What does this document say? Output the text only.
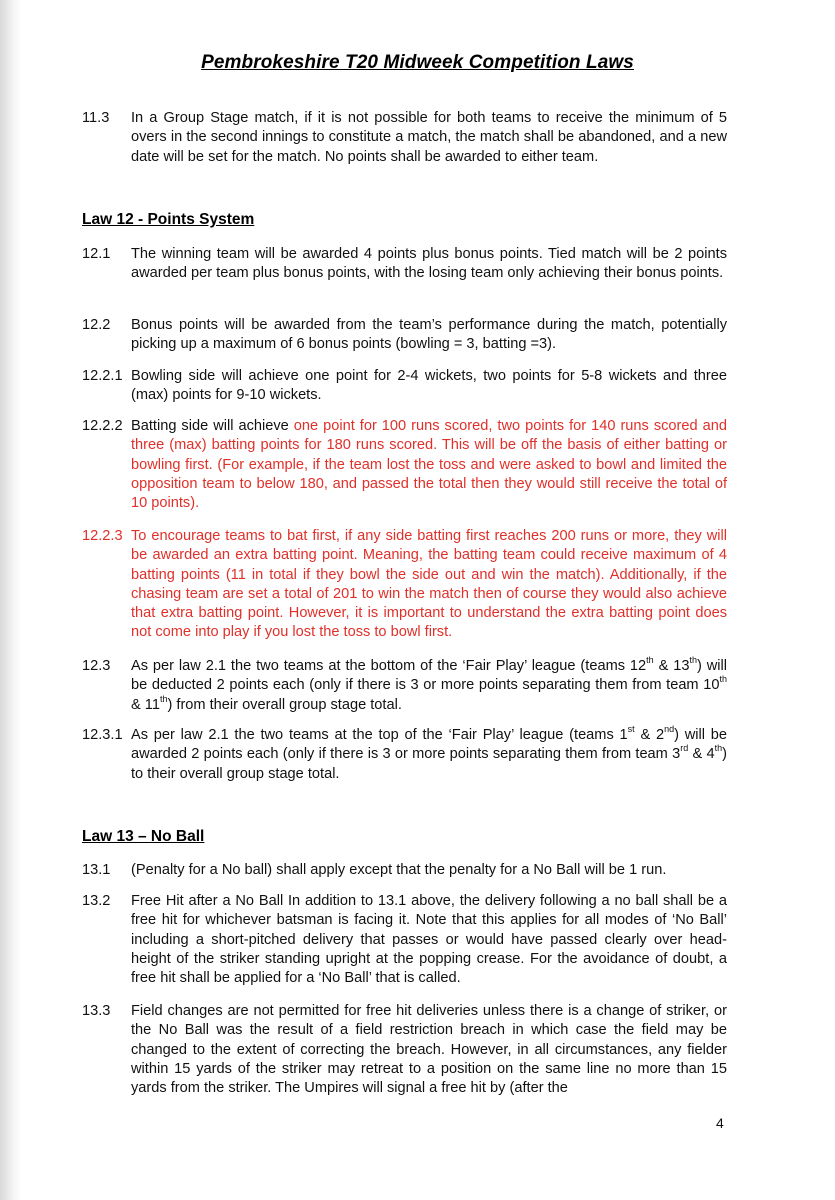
Pembrokeshire T20 Midweek Competition Laws
11.3 In a Group Stage match, if it is not possible for both teams to receive the minimum of 5 overs in the second innings to constitute a match, the match shall be abandoned, and a new date will be set for the match. No points shall be awarded to either team.
Law 12 - Points System
12.1 The winning team will be awarded 4 points plus bonus points. Tied match will be 2 points awarded per team plus bonus points, with the losing team only achieving their bonus points.
12.2 Bonus points will be awarded from the team’s performance during the match, potentially picking up a maximum of 6 bonus points (bowling = 3, batting =3).
12.2.1 Bowling side will achieve one point for 2-4 wickets, two points for 5-8 wickets and three (max) points for 9-10 wickets.
12.2.2 Batting side will achieve one point for 100 runs scored, two points for 140 runs scored and three (max) batting points for 180 runs scored. This will be off the basis of either batting or bowling first. (For example, if the team lost the toss and were asked to bowl and limited the opposition team to below 180, and passed the total then they would still receive the total of 10 points).
12.2.3 To encourage teams to bat first, if any side batting first reaches 200 runs or more, they will be awarded an extra batting point. Meaning, the batting team could receive maximum of 4 batting points (11 in total if they bowl the side out and win the match). Additionally, if the chasing team are set a total of 201 to win the match then of course they would also achieve that extra batting point. However, it is important to understand the extra batting point does not come into play if you lost the toss to bowl first.
12.3 As per law 2.1 the two teams at the bottom of the ‘Fair Play’ league (teams 12th & 13th) will be deducted 2 points each (only if there is 3 or more points separating them from team 10th & 11th) from their overall group stage total.
12.3.1 As per law 2.1 the two teams at the top of the ‘Fair Play’ league (teams 1st & 2nd) will be awarded 2 points each (only if there is 3 or more points separating them from team 3rd & 4th) to their overall group stage total.
Law 13 – No Ball
13.1 (Penalty for a No ball) shall apply except that the penalty for a No Ball will be 1 run.
13.2 Free Hit after a No Ball In addition to 13.1 above, the delivery following a no ball shall be a free hit for whichever batsman is facing it. Note that this applies for all modes of ‘No Ball’ including a short-pitched delivery that passes or would have passed clearly over head-height of the striker standing upright at the popping crease. For the avoidance of doubt, a free hit shall be applied for a ‘No Ball’ that is called.
13.3 Field changes are not permitted for free hit deliveries unless there is a change of striker, or the No Ball was the result of a field restriction breach in which case the field may be changed to the extent of correcting the breach. However, in all circumstances, any fielder within 15 yards of the striker may retreat to a position on the same line no more than 15 yards from the striker. The Umpires will signal a free hit by (after the
4
